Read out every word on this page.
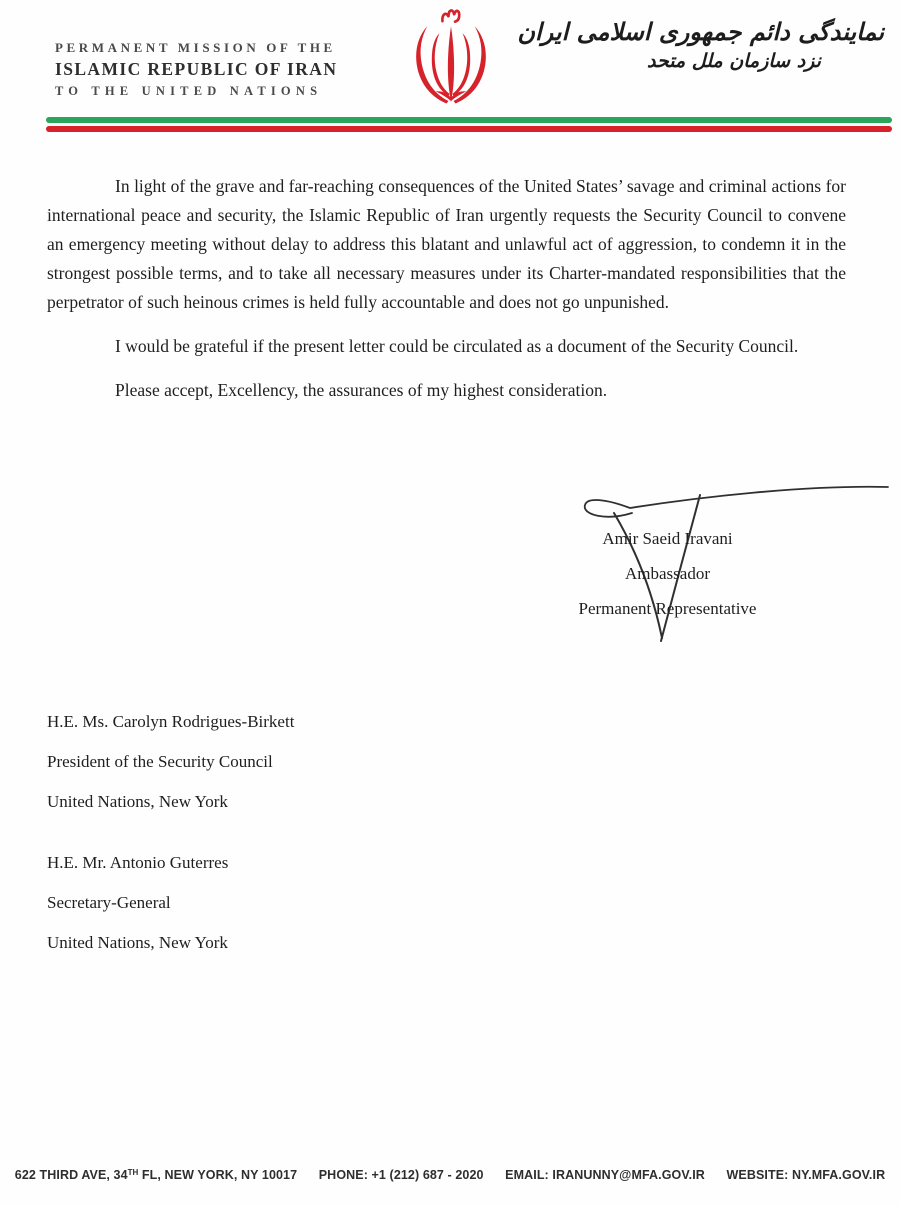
PERMANENT MISSION OF THE
ISLAMIC REPUBLIC OF IRAN
TO THE UNITED NATIONS
نمایندگی دائم جمهوری اسلامی ایران
نزد سازمان ملل متحد

In light of the grave and far-reaching consequences of the United States’ savage and criminal actions for international peace and security, the Islamic Republic of Iran urgently requests the Security Council to convene an emergency meeting without delay to address this blatant and unlawful act of aggression, to condemn it in the strongest possible terms, and to take all necessary measures under its Charter-mandated responsibilities that the perpetrator of such heinous crimes is held fully accountable and does not go unpunished.

I would be grateful if the present letter could be circulated as a document of the Security Council.

Please accept, Excellency, the assurances of my highest consideration.

Amir Saeid Iravani
Ambassador
Permanent Representative
H.E. Ms. Carolyn Rodrigues-Birkett
President of the Security Council
United Nations, New York
H.E. Mr. Antonio Guterres
Secretary-General
United Nations, New York
622 THIRD AVE, 34TH FL, NEW YORK, NY 10017 PHONE: +1 (212) 687 - 2020 EMAIL: IRANUNNY@MFA.GOV.IR WEBSITE: NY.MFA.GOV.IR
